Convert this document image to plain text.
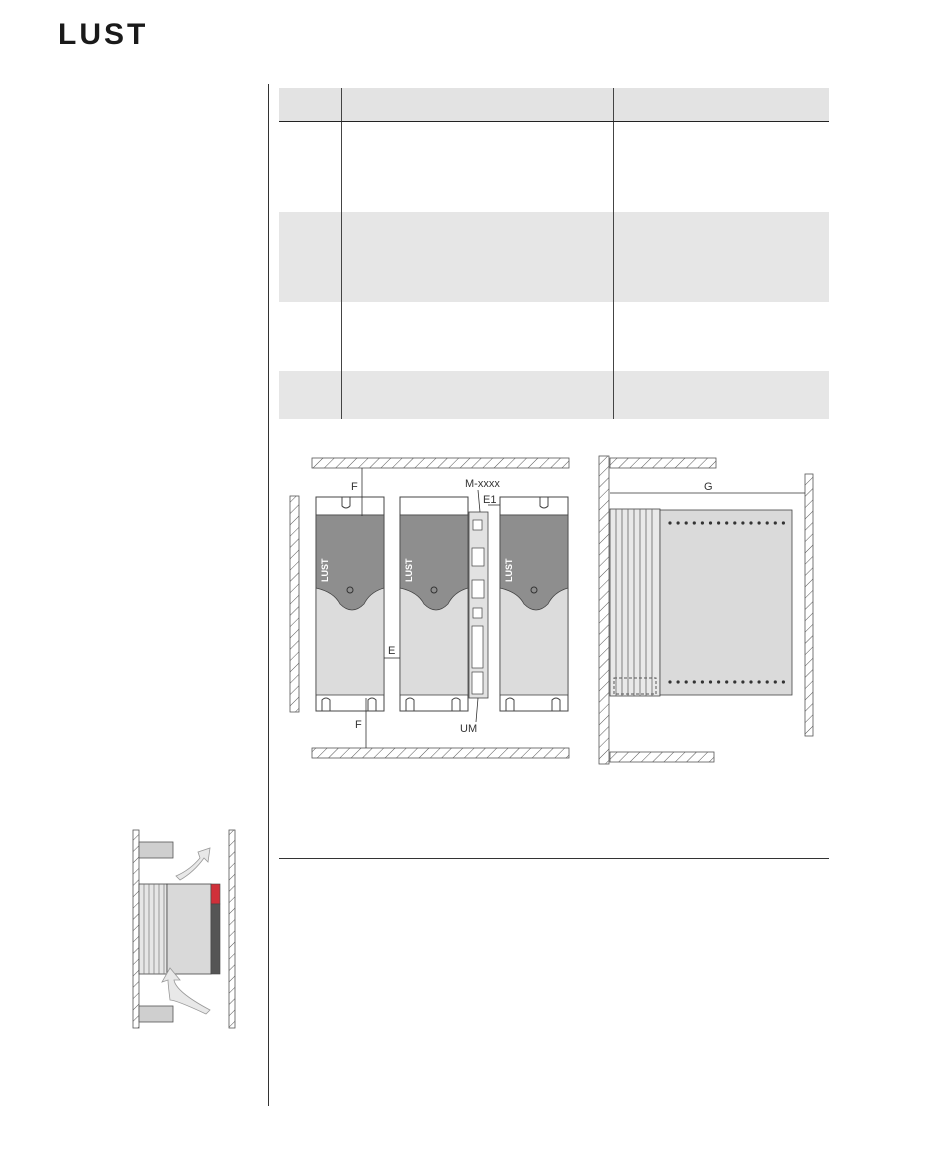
LUST

LUST	LUST	LUST
F
F
E
M-xxxx
E1
UM
G
